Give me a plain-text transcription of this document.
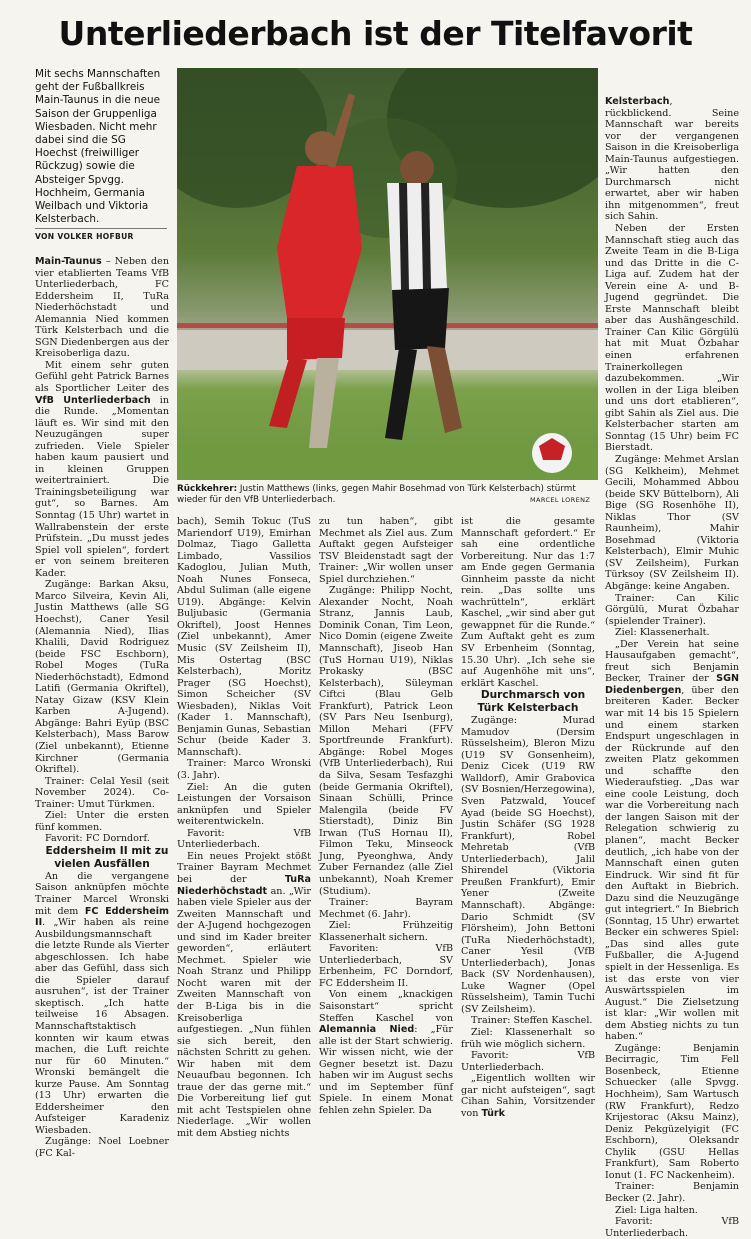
Unterliederbach ist der Titelfavorit
Mit sechs Mannschaften geht der Fußballkreis Main-Taunus in die neue Saison der Gruppenliga Wiesbaden. Nicht mehr dabei sind die SG Hoechst (freiwilliger Rückzug) sowie die Absteiger Spvgg. Hochheim, Germania Weilbach und Viktoria Kelsterbach.
VON VOLKER HOFBUR
Rückkehrer: Justin Matthews (links, gegen Mahir Bosehmad von Türk Kelsterbach) stürmt wieder für den VfB Unterliederbach.	MARCEL LORENZ

Main-Taunus – Neben den vier etablierten Teams VfB Unterliederbach, FC Eddersheim II, TuRa Niederhöchstadt und Alemannia Nied kommen Türk Kelsterbach und die SGN Diedenbergen aus der Kreisoberliga dazu.

Mit einem sehr guten Gefühl geht Patrick Barnes als Sportlicher Leiter des VfB Unterliederbach in die Runde. „Momentan läuft es. Wir sind mit den Neuzugängen super zufrieden. Viele Spieler haben kaum pausiert und in kleinen Gruppen weitertrainiert. Die Trainingsbeteiligung war gut“, so Barnes. Am Sonntag (15 Uhr) wartet in Wallrabenstein der erste Prüfstein. „Du musst jedes Spiel voll spielen“, fordert er von seinem breiteren Kader.

Zugänge: Barkan Aksu, Marco Silveira, Kevin Ali, Justin Matthews (alle SG Hoechst), Caner Yesil (Alemannia Nied), Ilias Khalili, David Rodriguez (beide FSC Eschborn), Robel Moges (TuRa Niederhöchstadt), Edmond Latifi (Germania Okriftel), Natay Gizaw (KSV Klein Karben A-Jugend). Abgänge: Bahri Eyüp (BSC Kelsterbach), Mass Barow (Ziel unbekannt), Etienne Kirchner (Germania Okriftel).

Trainer: Celal Yesil (seit November 2024). Co-Trainer: Umut Türkmen.

Ziel: Unter die ersten fünf kommen.

Favorit: FC Dorndorf.

Eddersheim II mit zu vielen Ausfällen

An die vergangene Saison anknüpfen möchte Trainer Marcel Wronski mit dem FC Eddersheim II. „Wir haben als reine Ausbildungsmannschaft die letzte Runde als Vierter abgeschlossen. Ich habe aber das Gefühl, dass sich die Spieler darauf ausruhen“, ist der Trainer skeptisch. „Ich hatte teilweise 16 Absagen. Mannschaftstaktisch konnten wir kaum etwas machen, die Luft reichte nur für 60 Minuten.“ Wronski bemängelt die kurze Pause. Am Sonntag (13 Uhr) erwarten die Eddersheimer den Aufsteiger Karadeniz Wiesbaden.

Zugänge: Noel Loebner (FC Kal-

bach), Semih Tokuc (TuS Mariendorf U19), Emirhan Dolmaz, Tiago Galletta Limbado, Vassilios Kadoglou, Julian Muth, Noah Nunes Fonseca, Abdul Suliman (alle eigene U19). Abgänge: Kelvin Buljubasic (Germania Okriftel), Joost Hennes (Ziel unbekannt), Amer Music (SV Zeilsheim II), Mis Ostertag (BSC Kelsterbach), Moritz Prager (SG Hoechst), Simon Scheicher (SV Wiesbaden), Niklas Voit (Kader 1. Mannschaft), Benjamin Gunas, Sebastian Schur (beide Kader 3. Mannschaft).

Trainer: Marco Wronski (3. Jahr).

Ziel: An die guten Leistungen der Vorsaison anknüpfen und Spieler weiterentwickeln.

Favorit: VfB Unterliederbach.

Ein neues Projekt stößt Trainer Bayram Mechmet bei der TuRa Niederhöchstadt an. „Wir haben viele Spieler aus der Zweiten Mannschaft und der A-Jugend hochgezogen und sind im Kader breiter geworden“, erläutert Mechmet. Spieler wie Noah Stranz und Philipp Nocht waren mit der Zweiten Mannschaft von der B-Liga bis in die Kreisoberliga aufgestiegen. „Nun fühlen sie sich bereit, den nächsten Schritt zu gehen. Wir haben mit dem Neuaufbau begonnen. Ich traue der das gerne mit.“ Die Vorbereitung lief gut mit acht Testspielen ohne Niederlage. „Wir wollen mit dem Abstieg nichts

zu tun haben“, gibt Mechmet als Ziel aus. Zum Auftakt gegen Aufsteiger TSV Bleidenstadt sagt der Trainer: „Wir wollen unser Spiel durchziehen.“

Zugänge: Philipp Nocht, Alexander Nocht, Noah Stranz, Jannis Laub, Dominik Conan, Tim Leon, Nico Domin (eigene Zweite Mannschaft), Jiseob Han (TuS Hornau U19), Niklas Prokasky (BSC Kelsterbach), Süleyman Ciftci (Blau Gelb Frankfurt), Patrick Leon (SV Pars Neu Isenburg), Millon Mehari (FFV Sportfreunde Frankfurt). Abgänge: Robel Moges (VfB Unterliederbach), Rui da Silva, Sesam Tesfazghi (beide Germania Okriftel), Sinaan Schülli, Prince Malengila (beide FV Stierstadt), Diniz Bin Irwan (TuS Hornau II), Filmon Teku, Minseock Jung, Pyeonghwa, Andy Zuber Fernandez (alle Ziel unbekannt), Noah Kremer (Studium).

Trainer: Bayram Mechmet (6. Jahr).

Ziel: Frühzeitig Klassenerhalt sichern.

Favoriten: VfB Unterliederbach, SV Erbenheim, FC Dorndorf, FC Eddersheim II.

Von einem „knackigen Saisonstart“ spricht Steffen Kaschel von Alemannia Nied: „Für alle ist der Start schwierig. Wir wissen nicht, wie der Gegner besetzt ist. Dazu haben wir im August sechs und im September fünf Spiele. In einem Monat fehlen zehn Spieler. Da

ist die gesamte Mannschaft gefordert.“ Er sah eine ordentliche Vorbereitung. Nur das 1:7 am Ende gegen Germania Ginnheim passte da nicht rein. „Das sollte uns wachrütteln“, erklärt Kaschel, „wir sind aber gut gewappnet für die Runde.“ Zum Auftakt geht es zum SV Erbenheim (Sonntag, 15.30 Uhr). „Ich sehe sie auf Augenhöhe mit uns“, erklärt Kaschel.

Durchmarsch von Türk Kelsterbach

Zugänge: Murad Mamudov (Dersim Rüsselsheim), Bleron Mizu (U19 SV Gonsenheim), Deniz Cicek (U19 RW Walldorf), Amir Grabovica (SV Bosnien/Herzegowina), Sven Patzwald, Youcef Ayad (beide SG Hoechst), Justin Schäfer (SG 1928 Frankfurt), Robel Mehretab (VfB Unterliederbach), Jalil Shirendel (Viktoria Preußen Frankfurt), Emir Yener (Zweite Mannschaft). Abgänge: Dario Schmidt (SV Flörsheim), John Bettoni (TuRa Niederhöchstadt), Caner Yesil (VfB Unterliederbach), Jonas Back (SV Nordenhausen), Luke Wagner (Opel Rüsselsheim), Tamin Tuchi (SV Zeilsheim).

Trainer: Steffen Kaschel.

Ziel: Klassenerhalt so früh wie möglich sichern.

Favorit: VfB Unterliederbach.

„Eigentlich wollten wir gar nicht aufsteigen“, sagt Cihan Sahin, Vorsitzender von Türk

Kelsterbach, rückblickend. Seine Mannschaft war bereits vor der vergangenen Saison in die Kreisoberliga Main-Taunus aufgestiegen. „Wir hatten den Durchmarsch nicht erwartet, aber wir haben ihn mitgenommen“, freut sich Sahin.

Neben der Ersten Mannschaft stieg auch das Zweite Team in die B-Liga und das Dritte in die C-Liga auf. Zudem hat der Verein eine A- und B-Jugend gegründet. Die Erste Mannschaft bleibt aber das Aushängeschild. Trainer Can Kilic Görgülü hat mit Muat Özbahar einen erfahrenen Trainerkollegen dazubekommen. „Wir wollen in der Liga bleiben und uns dort etablieren“, gibt Sahin als Ziel aus. Die Kelsterbacher starten am Sonntag (15 Uhr) beim FC Bierstadt.

Zugänge: Mehmet Arslan (SG Kelkheim), Mehmet Gecili, Mohammed Abbou (beide SKV Büttelborn), Ali Bige (SG Rosenhöhe II), Niklas Thor (SV Raunheim), Mahir Bosehmad (Viktoria Kelsterbach), Elmir Muhic (SV Zeilsheim), Furkan Türksoy (SV Zeilsheim II). Abgänge: keine Angaben.

Trainer: Can Kilic Görgülü, Murat Özbahar (spielender Trainer).

Ziel: Klassenerhalt.

„Der Verein hat seine Hausaufgaben gemacht“, freut sich Benjamin Becker, Trainer der SGN Diedenbergen, über den breiteren Kader. Becker war mit 14 bis 15 Spielern und einem starken Endspurt ungeschlagen in der Rückrunde auf den zweiten Platz gekommen und schaffte den Wiederaufstieg. „Das war eine coole Leistung, doch war die Vorbereitung nach der langen Saison mit der Relegation schwierig zu planen“, macht Becker deutlich, „ich habe von der Mannschaft einen guten Eindruck. Wir sind fit für den Auftakt in Biebrich. Dazu sind die Neuzugänge gut integriert.“ In Biebrich (Sonntag, 15 Uhr) erwartet Becker ein schweres Spiel: „Das sind alles gute Fußballer, die A-Jugend spielt in der Hessenliga. Es ist das erste von vier Auswärtsspielen im August.“ Die Zielsetzung ist klar: „Wir wollen mit dem Abstieg nichts zu tun haben.“

Zugänge: Benjamin Becirragic, Tim Fell Bosenbeck, Etienne Schuecker (alle Spvgg. Hochheim), Sam Wartusch (RW Frankfurt), Redzo Krijestorac (Aksu Mainz), Deniz Pekgüzelyigit (FC Eschborn), Oleksandr Chylik (GSU Hellas Frankfurt), Sam Roberto Ionut (1. FC Nackenheim).

Trainer: Benjamin Becker (2. Jahr).

Ziel: Liga halten.

Favorit: VfB Unterliederbach.
